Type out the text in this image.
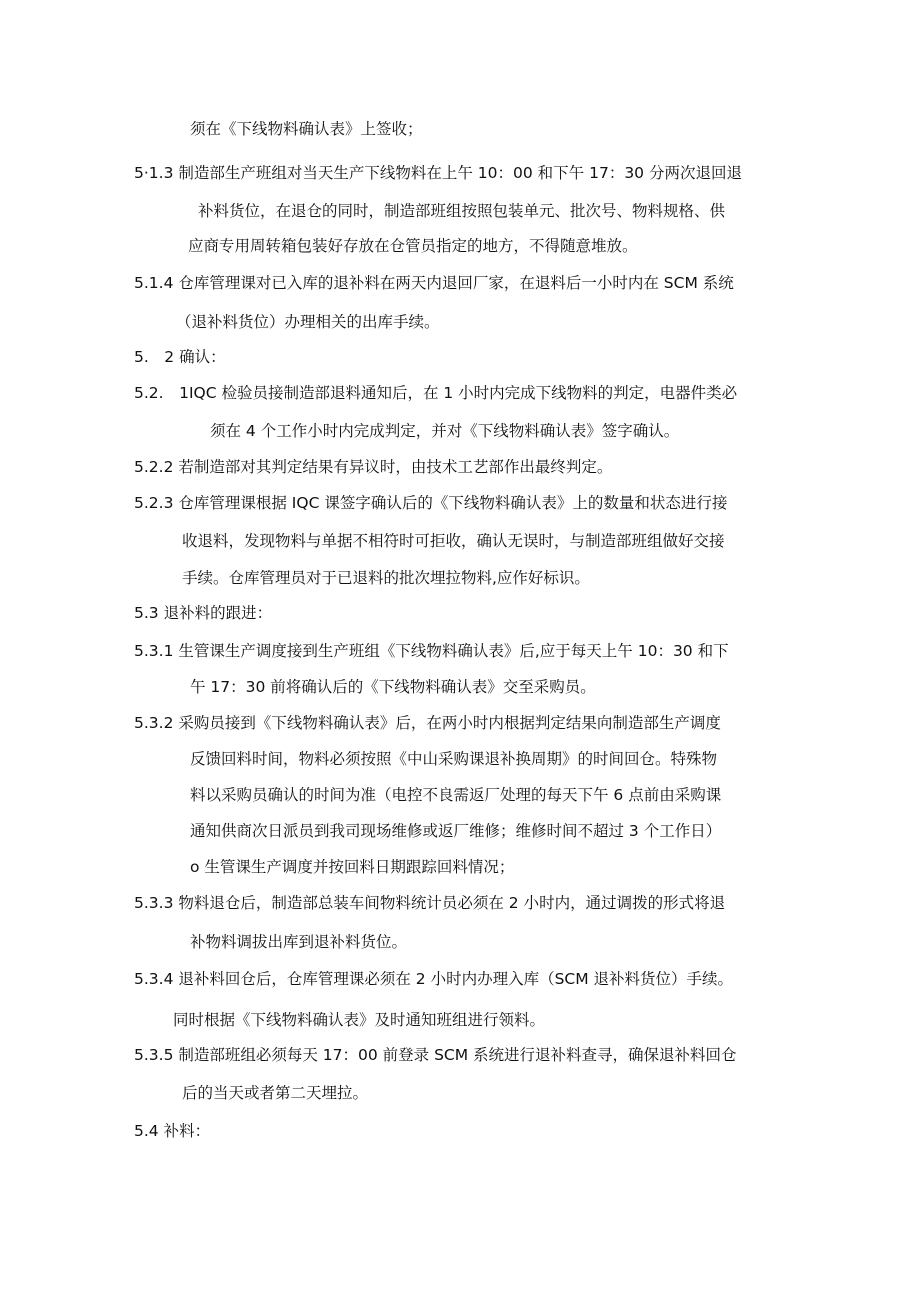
须在《下线物料确认表》上签收；
5·1.3 制造部生产班组对当天生产下线物料在上午 10：00 和下午 17：30 分两次退回退
补料货位，在退仓的同时，制造部班组按照包装单元、批次号、物料规格、供
应商专用周转箱包装好存放在仓管员指定的地方，不得随意堆放。
5.1.4 仓库管理课对已入库的退补料在两天内退回厂家，在退料后一小时内在 SCM 系统
（退补料货位）办理相关的出库手续。
5.　2 确认：
5.2.　1IQC 检验员接制造部退料通知后，在 1 小时内完成下线物料的判定，电器件类必
须在 4 个工作小时内完成判定，并对《下线物料确认表》签字确认。
5.2.2 若制造部对其判定结果有异议时，由技术工艺部作出最终判定。
5.2.3 仓库管理课根据 IQC 课签字确认后的《下线物料确认表》上的数量和状态进行接
收退料，发现物料与单据不相符时可拒收，确认无误时，与制造部班组做好交接
手续。仓库管理员对于已退料的批次埋拉物料,应作好标识。
5.3 退补料的跟进：
5.3.1 生管课生产调度接到生产班组《下线物料确认表》后,应于每天上午 10：30 和下
午 17：30 前将确认后的《下线物料确认表》交至采购员。
5.3.2 采购员接到《下线物料确认表》后，在两小时内根据判定结果向制造部生产调度
反馈回料时间，物料必须按照《中山采购课退补换周期》的时间回仓。特殊物
料以采购员确认的时间为准（电控不良需返厂处理的每天下午 6 点前由采购课
通知供商次日派员到我司现场维修或返厂维修；维修时间不超过 3 个工作日）
o 生管课生产调度并按回料日期跟踪回料情况；
5.3.3 物料退仓后，制造部总装车间物料统计员必须在 2 小时内，通过调拨的形式将退
补物料调拔出库到退补料货位。
5.3.4 退补料回仓后，仓库管理课必须在 2 小时内办理入库（SCM 退补料货位）手续。
同时根据《下线物料确认表》及时通知班组进行领料。
5.3.5 制造部班组必须每天 17：00 前登录 SCM 系统进行退补料查寻，确保退补料回仓
后的当天或者第二天埋拉。
5.4 补料：
